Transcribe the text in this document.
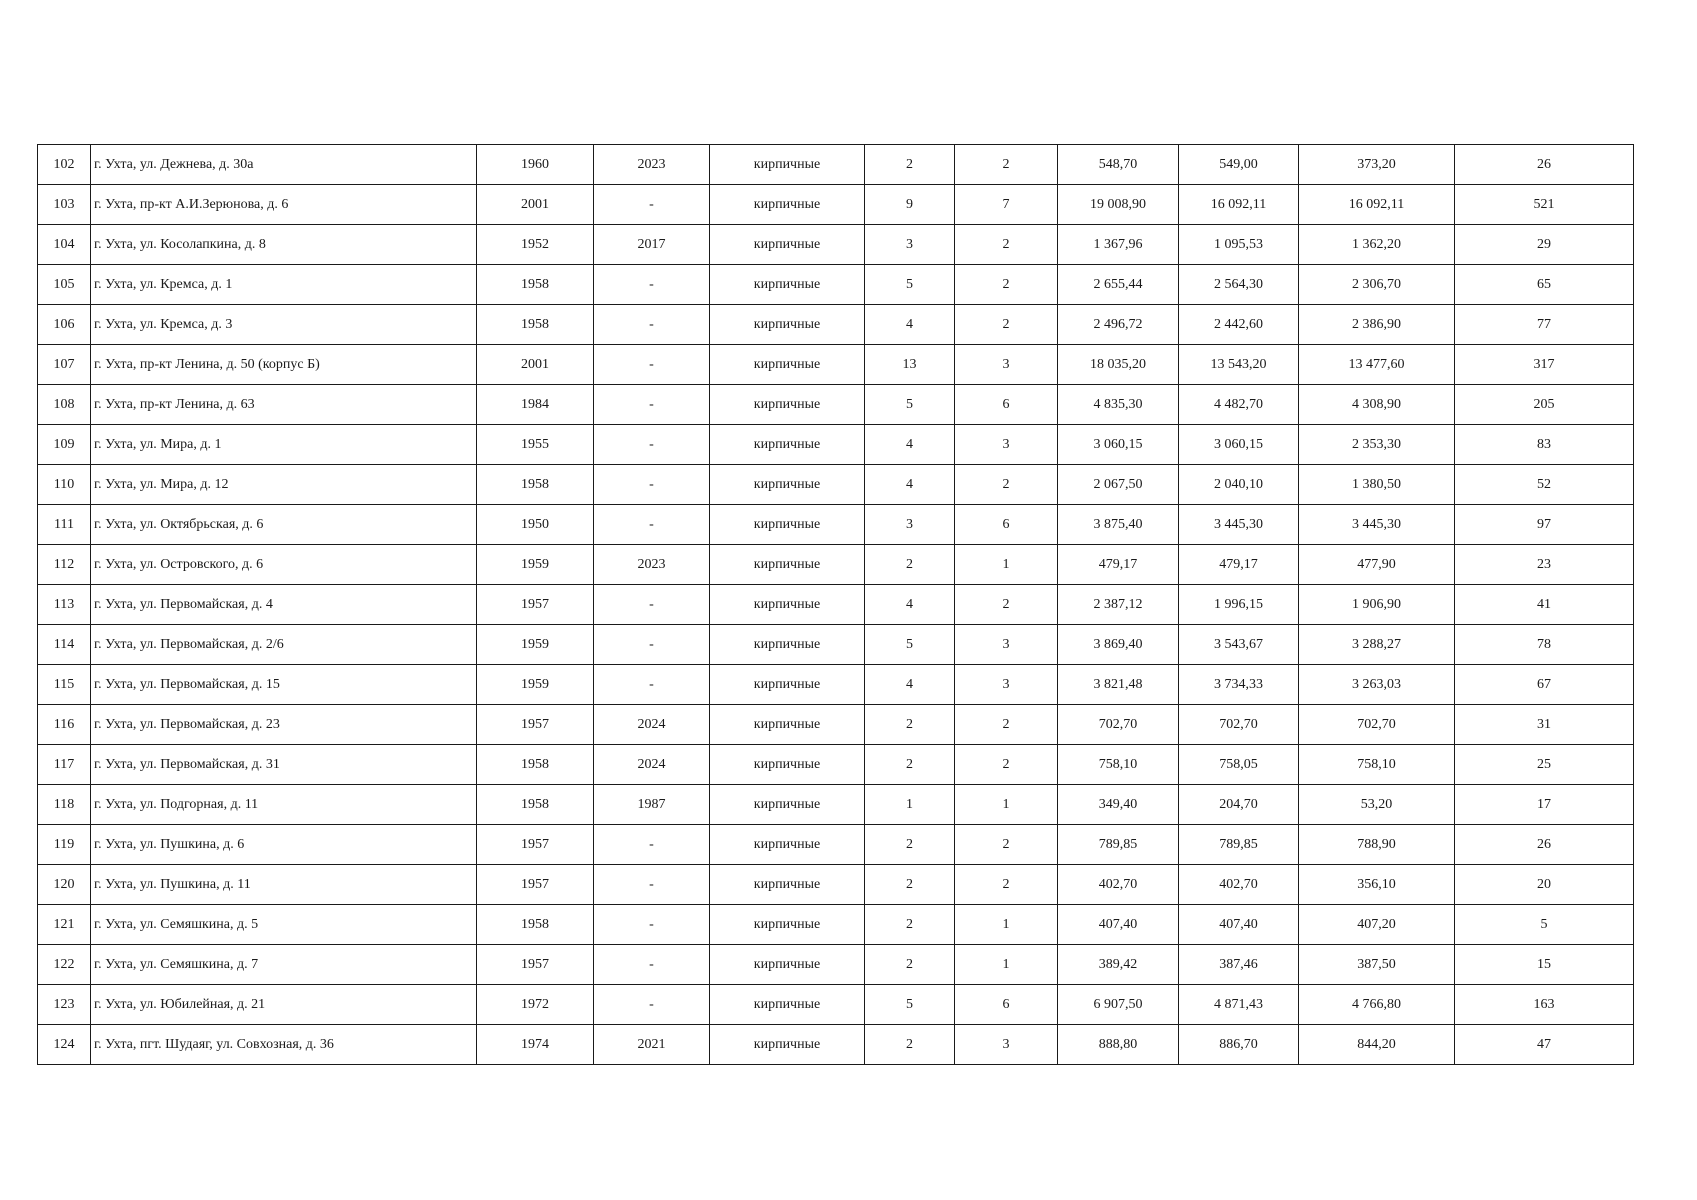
102	г. Ухта, ул. Дежнева, д. 30а	1960	2023	кирпичные	2	2	548,70	549,00	373,20	26
103	г. Ухта, пр-кт А.И.Зерюнова, д. 6	2001	-	кирпичные	9	7	19 008,90	16 092,11	16 092,11	521
104	г. Ухта, ул. Косолапкина, д. 8	1952	2017	кирпичные	3	2	1 367,96	1 095,53	1 362,20	29
105	г. Ухта, ул. Кремса, д. 1	1958	-	кирпичные	5	2	2 655,44	2 564,30	2 306,70	65
106	г. Ухта, ул. Кремса, д. 3	1958	-	кирпичные	4	2	2 496,72	2 442,60	2 386,90	77
107	г. Ухта, пр-кт Ленина, д. 50 (корпус Б)	2001	-	кирпичные	13	3	18 035,20	13 543,20	13 477,60	317
108	г. Ухта, пр-кт Ленина, д. 63	1984	-	кирпичные	5	6	4 835,30	4 482,70	4 308,90	205
109	г. Ухта, ул. Мира, д. 1	1955	-	кирпичные	4	3	3 060,15	3 060,15	2 353,30	83
110	г. Ухта, ул. Мира, д. 12	1958	-	кирпичные	4	2	2 067,50	2 040,10	1 380,50	52
111	г. Ухта, ул. Октябрьская, д. 6	1950	-	кирпичные	3	6	3 875,40	3 445,30	3 445,30	97
112	г. Ухта, ул. Островского, д. 6	1959	2023	кирпичные	2	1	479,17	479,17	477,90	23
113	г. Ухта, ул. Первомайская, д. 4	1957	-	кирпичные	4	2	2 387,12	1 996,15	1 906,90	41
114	г. Ухта, ул. Первомайская, д. 2/6	1959	-	кирпичные	5	3	3 869,40	3 543,67	3 288,27	78
115	г. Ухта, ул. Первомайская, д. 15	1959	-	кирпичные	4	3	3 821,48	3 734,33	3 263,03	67
116	г. Ухта, ул. Первомайская, д. 23	1957	2024	кирпичные	2	2	702,70	702,70	702,70	31
117	г. Ухта, ул. Первомайская, д. 31	1958	2024	кирпичные	2	2	758,10	758,05	758,10	25
118	г. Ухта, ул. Подгорная, д. 11	1958	1987	кирпичные	1	1	349,40	204,70	53,20	17
119	г. Ухта, ул. Пушкина, д. 6	1957	-	кирпичные	2	2	789,85	789,85	788,90	26
120	г. Ухта, ул. Пушкина, д. 11	1957	-	кирпичные	2	2	402,70	402,70	356,10	20
121	г. Ухта, ул. Семяшкина, д. 5	1958	-	кирпичные	2	1	407,40	407,40	407,20	5
122	г. Ухта, ул. Семяшкина, д. 7	1957	-	кирпичные	2	1	389,42	387,46	387,50	15
123	г. Ухта, ул. Юбилейная, д. 21	1972	-	кирпичные	5	6	6 907,50	4 871,43	4 766,80	163
124	г. Ухта, пгт. Шудаяг, ул. Совхозная, д. 36	1974	2021	кирпичные	2	3	888,80	886,70	844,20	47
